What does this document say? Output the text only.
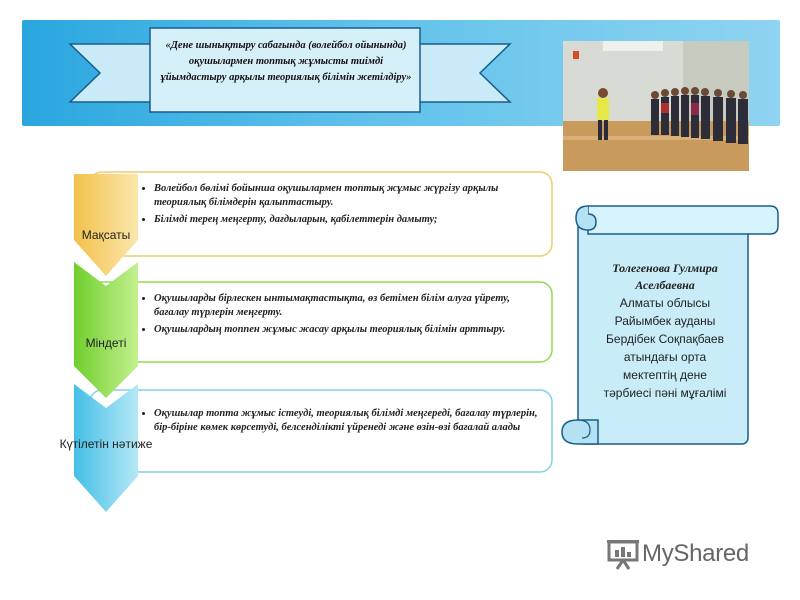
«Дене шынықтыру сабағында (волейбол ойынында) оқушылармен топтық жұмысты тиімді ұйымдастыру арқылы теориялық білімін жетілдіру»
Мақсаты
Міндеті
Күтілетін нәтиже
• Волейбол бөлімі бойынша оқушылармен топтық жұмыс жүргізу арқылы теориялық білімдерін қалыптастыру.
• Білімді терең меңгерту, дағдыларын, қабілеттерін дамыту;
• Оқушыларды бірлескен ынтымақтастықта, өз бетімен білім алуға үйрету, бағалау түрлерін меңгерту.
• Оқушылардың топпен жұмыс жасау арқылы теориялық білімін арттыру.
• Оқушылар топта жұмыс істеуді, теориялық білімді меңгереді, бағалау түрлерін, бір-біріне көмек көрсетуді, белсенділікті үйренеді және өзін-өзі бағалай алады
Толегенова Гулмира Аселбаевна
Алматы облысы
Райымбек ауданы
Бердібек Соқпақбаев
атындағы орта
мектептің дене
тәрбиесі пәні мұғалімі
MyShared
